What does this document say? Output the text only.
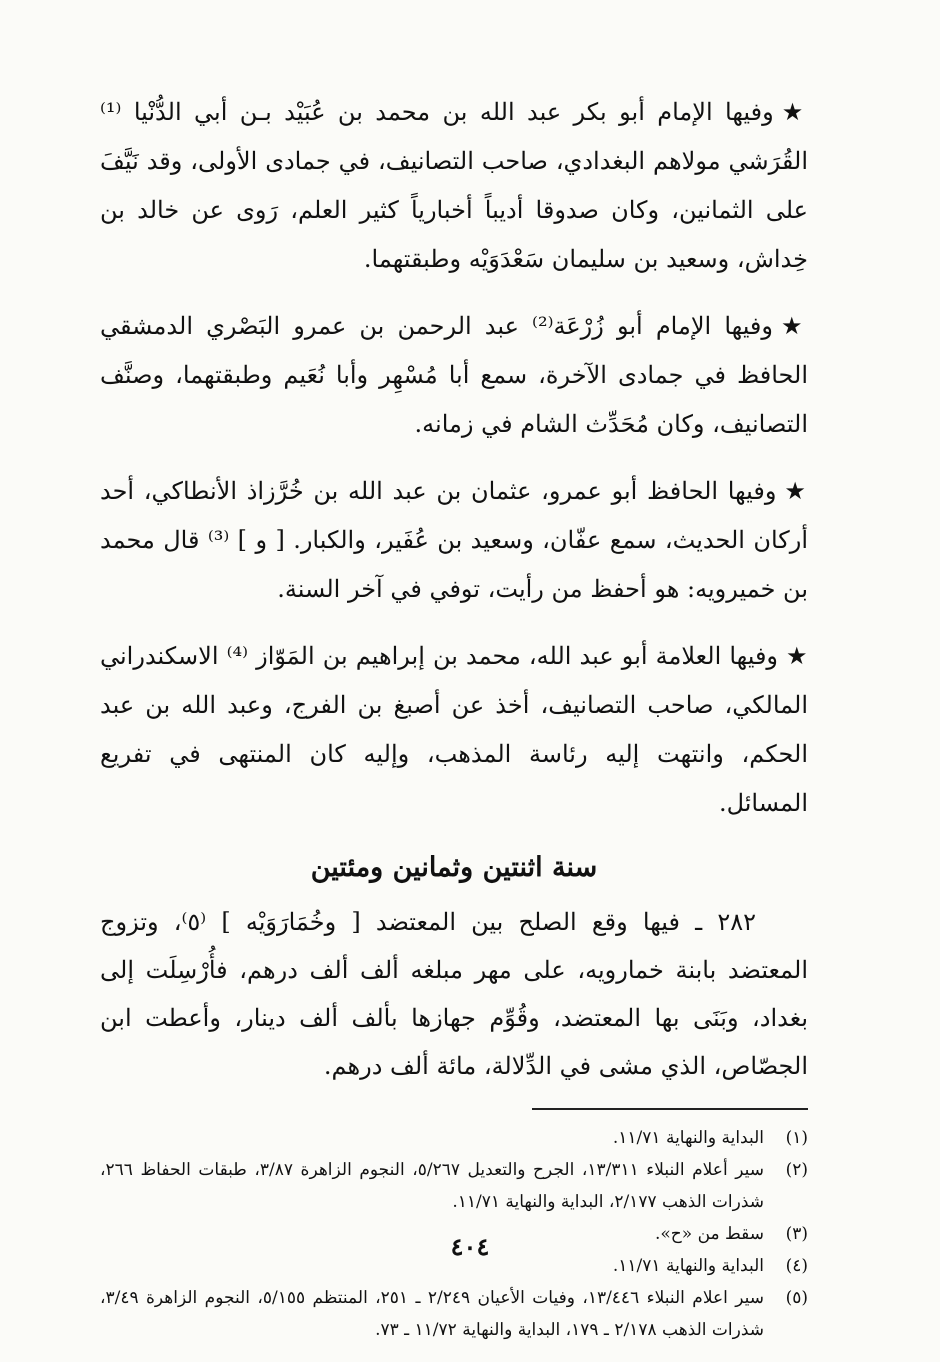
★وفيها الإمام أبو بكر عبد الله بن محمد بن عُبَيْد بـن أبي الدُّنْيا ⁽¹⁾ القُرَشي مولاهم البغدادي، صاحب التصانيف، في جمادى الأولى، وقد نَيَّفَ على الثمانين، وكان صدوقا أديباً أخبارياً كثير العلم، رَوى عن خالد بن خِداش، وسعيد بن سليمان سَعْدَوَيْه وطبقتهما.

★وفيها الإمام أبو زُرْعَة⁽²⁾ عبد الرحمن بن عمرو البَصْري الدمشقي الحافظ في جمادى الآخرة، سمع أبا مُسْهِر وأبا نُعَيم وطبقتهما، وصنَّف التصانيف، وكان مُحَدِّث الشام في زمانه.

★وفيها الحافظ أبو عمرو، عثمان بن عبد الله بن خُرَّزاذ الأنطاكي، أحد أركان الحديث، سمع عفّان، وسعيد بن عُفَير، والكبار. [ و ] ⁽³⁾ قال محمد بن خميرويه: هو أحفظ من رأيت، توفي في آخر السنة.

★وفيها العلامة أبو عبد الله، محمد بن إبراهيم بن المَوّاز ⁽⁴⁾ الاسكندراني المالكي، صاحب التصانيف، أخذ عن أصبغ بن الفرج، وعبد الله بن عبد الحكم، وانتهت إليه رئاسة المذهب، وإليه كان المنتهى في تفريع المسائل.

سنة اثنتين وثمانين ومئتين

٢٨٢ ـ فيها وقع الصلح بين المعتضد [ وخُمَارَوَيْه ] ⁽٥⁾، وتزوج المعتضد بابنة خمارويه، على مهر مبلغه ألف ألف درهم، فأُرْسِلَت إلى بغداد، وبَنَى بها المعتضد، وقُوِّم جهازها بألف ألف دينار، وأعطت ابن الجصّاص، الذي مشى في الدِّلالة، مائة ألف درهم.

(١)
البداية والنهاية ١١/٧١.
(٢)
سير أعلام النبلاء ١٣/٣١١، الجرح والتعديل ٥/٢٦٧، النجوم الزاهرة ٣/٨٧، طبقات الحفاظ ٢٦٦، شذرات الذهب ٢/١٧٧، البداية والنهاية ١١/٧١.
(٣)
سقط من «ح».
(٤)
البداية والنهاية ١١/٧١.
(٥)
سير اعلام النبلاء ١٣/٤٤٦، وفيات الأعيان ٢/٢٤٩ ـ ٢٥١، المنتظم ٥/١٥٥، النجوم الزاهرة ٣/٤٩، شذرات الذهب ٢/١٧٨ ـ ١٧٩، البداية والنهاية ١١/٧٢ ـ ٧٣.
٤٠٤
